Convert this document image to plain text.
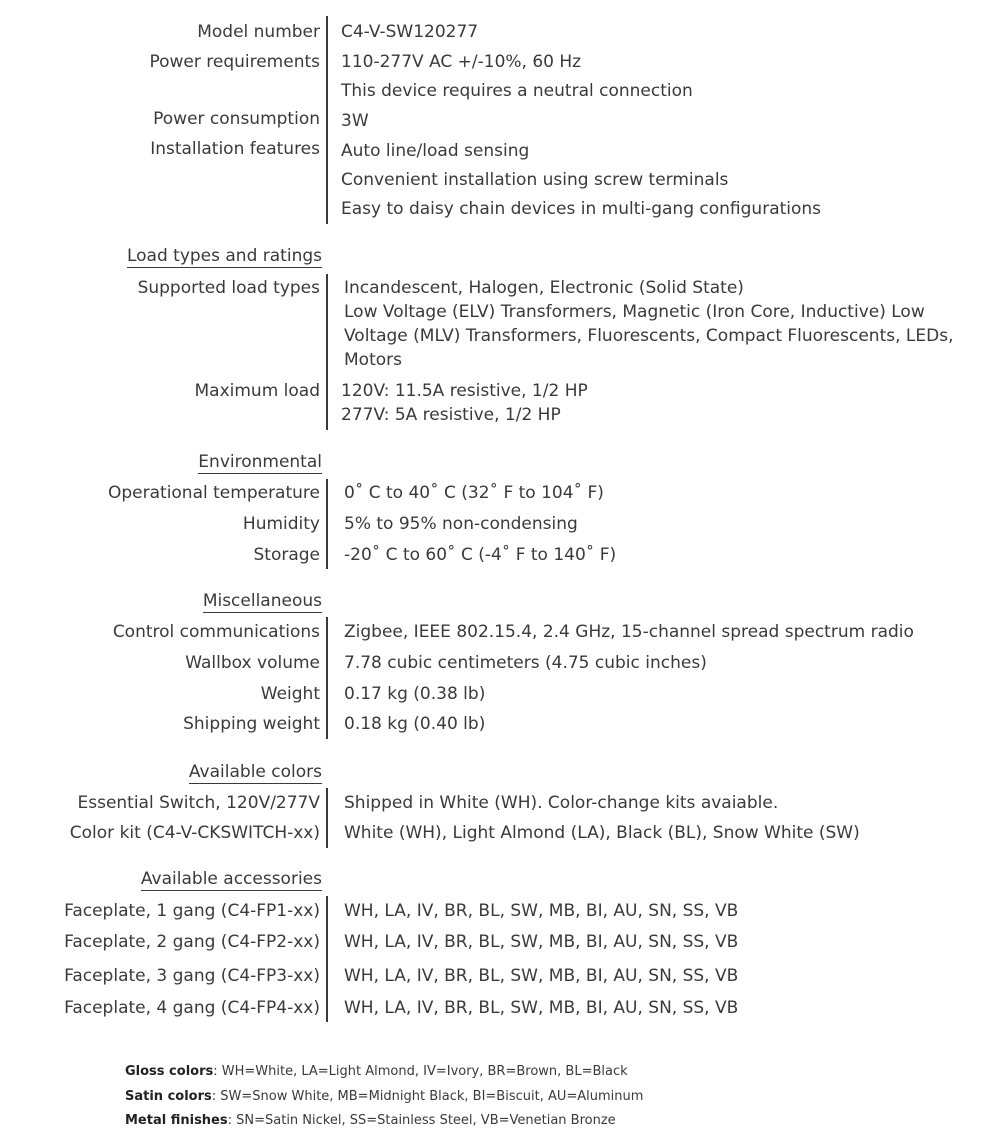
Model number C4-V-SW120277
Power requirements 110-277V AC +/-10%, 60 Hz
This device requires a neutral connection
Power consumption 3W
Installation features Auto line/load sensing
Convenient installation using screw terminals
Easy to daisy chain devices in multi-gang configurations
Load types and ratings
Supported load types Incandescent, Halogen, Electronic (Solid State)
Low Voltage (ELV) Transformers, Magnetic (Iron Core, Inductive) Low Voltage (MLV) Transformers, Fluorescents, Compact Fluorescents, LEDs, Motors
Maximum load 120V: 11.5A resistive, 1/2 HP
277V: 5A resistive, 1/2 HP
Environmental
Operational temperature 0˚ C to 40˚ C (32˚ F to 104˚ F)
Humidity 5% to 95% non-condensing
Storage -20˚ C to 60˚ C (-4˚ F to 140˚ F)
Miscellaneous
Control communications Zigbee, IEEE 802.15.4, 2.4 GHz, 15-channel spread spectrum radio
Wallbox volume 7.78 cubic centimeters (4.75 cubic inches)
Weight 0.17 kg (0.38 lb)
Shipping weight 0.18 kg (0.40 lb)
Available colors
Essential Switch, 120V/277V Shipped in White (WH). Color-change kits avaiable.
Color kit (C4-V-CKSWITCH-xx) White (WH), Light Almond (LA), Black (BL), Snow White (SW)
Available accessories
Faceplate, 1 gang (C4-FP1-xx) WH, LA, IV, BR, BL, SW, MB, BI, AU, SN, SS, VB
Faceplate, 2 gang (C4-FP2-xx) WH, LA, IV, BR, BL, SW, MB, BI, AU, SN, SS, VB
Faceplate, 3 gang (C4-FP3-xx) WH, LA, IV, BR, BL, SW, MB, BI, AU, SN, SS, VB
Faceplate, 4 gang (C4-FP4-xx) WH, LA, IV, BR, BL, SW, MB, BI, AU, SN, SS, VB
Gloss colors: WH=White, LA=Light Almond, IV=Ivory, BR=Brown, BL=Black
Satin colors: SW=Snow White, MB=Midnight Black, BI=Biscuit, AU=Aluminum
Metal finishes: SN=Satin Nickel, SS=Stainless Steel, VB=Venetian Bronze
